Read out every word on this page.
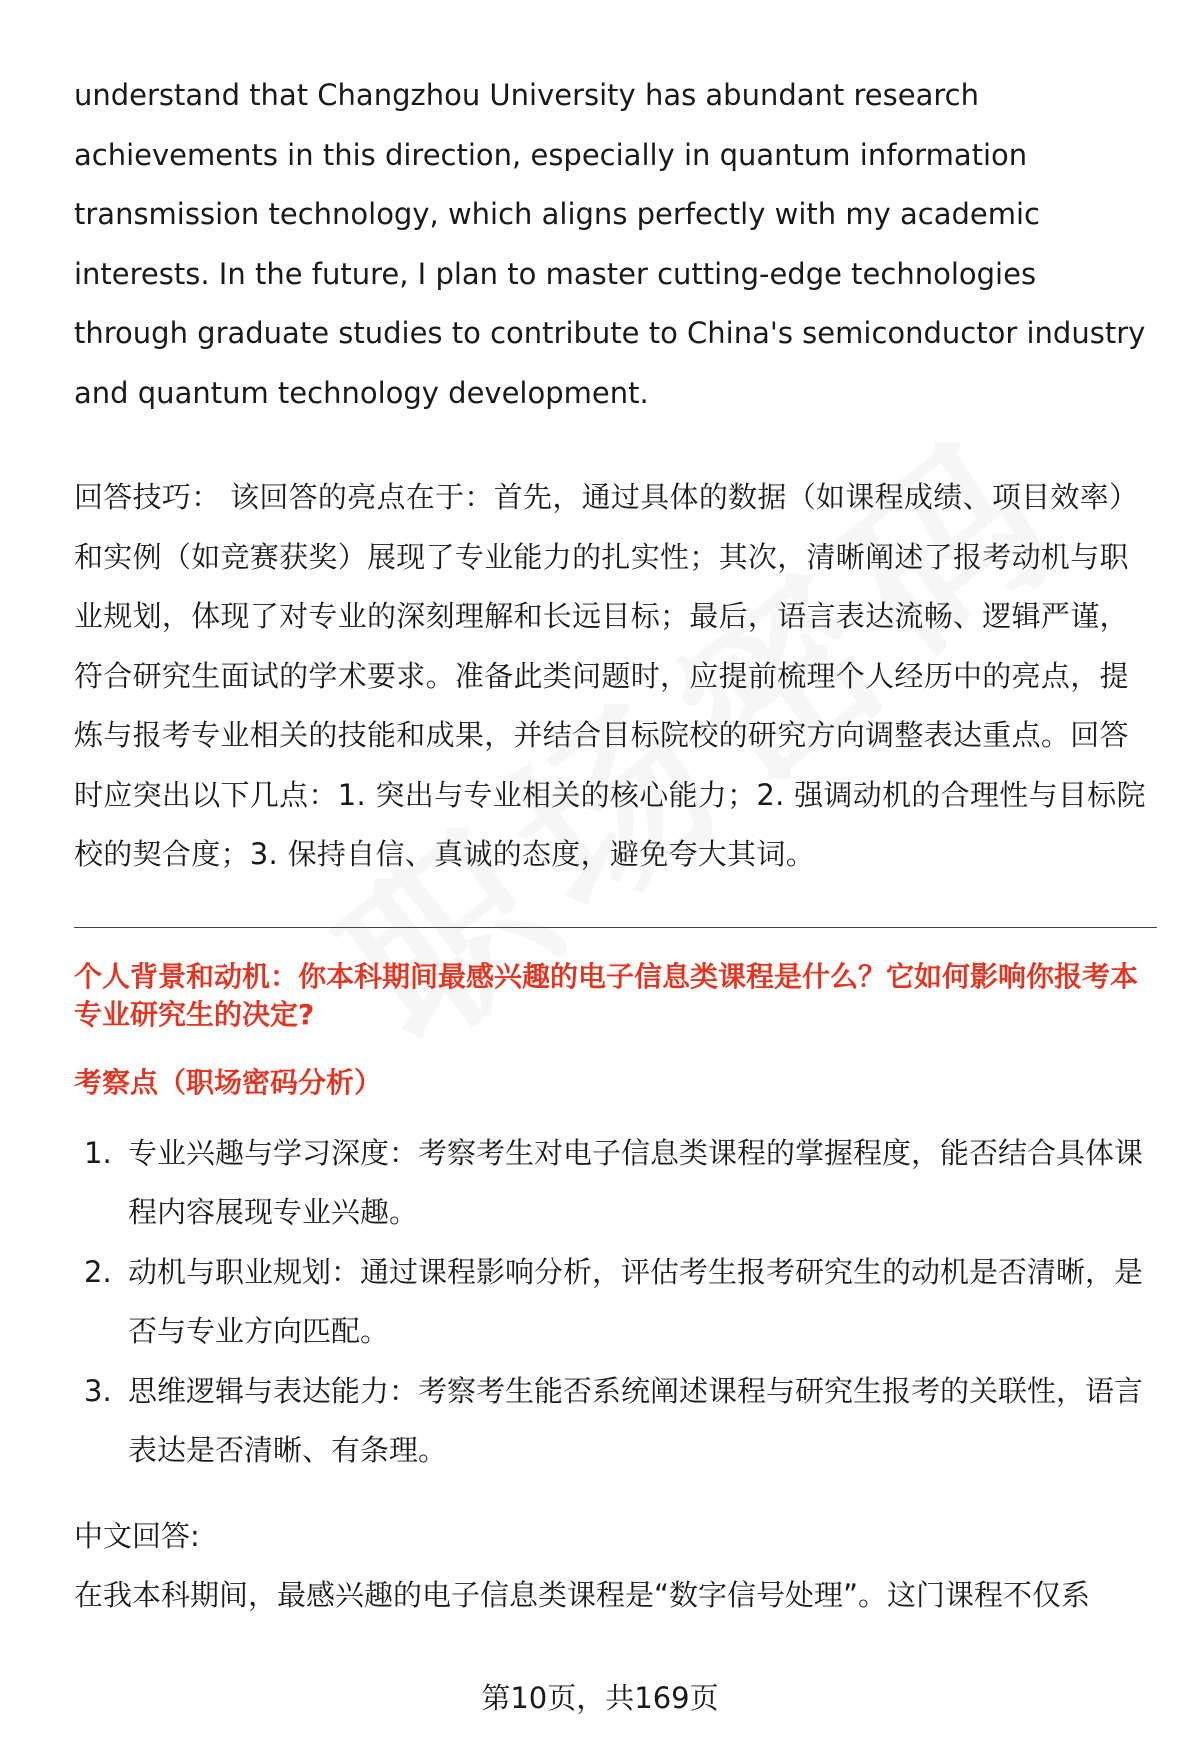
understand that Changzhou University has abundant research achievements in this direction, especially in quantum information transmission technology, which aligns perfectly with my academic interests. In the future, I plan to master cutting-edge technologies through graduate studies to contribute to China's semiconductor industry and quantum technology development.

回答技巧： 该回答的亮点在于：首先，通过具体的数据（如课程成绩、项目效率）和实例（如竞赛获奖）展现了专业能力的扎实性；其次，清晰阐述了报考动机与职业规划，体现了对专业的深刻理解和长远目标；最后，语言表达流畅、逻辑严谨，符合研究生面试的学术要求。准备此类问题时，应提前梳理个人经历中的亮点，提炼与报考专业相关的技能和成果，并结合目标院校的研究方向调整表达重点。回答时应突出以下几点：1. 突出与专业相关的核心能力；2. 强调动机的合理性与目标院校的契合度；3. 保持自信、真诚的态度，避免夸大其词。

个人背景和动机：你本科期间最感兴趣的电子信息类课程是什么？它如何影响你报考本专业研究生的决定?

考察点（职场密码分析）

1. 专业兴趣与学习深度：考察考生对电子信息类课程的掌握程度，能否结合具体课程内容展现专业兴趣。
2. 动机与职业规划：通过课程影响分析，评估考生报考研究生的动机是否清晰，是否与专业方向匹配。
3. 思维逻辑与表达能力：考察考生能否系统阐述课程与研究生报考的关联性，语言表达是否清晰、有条理。

中文回答:

在我本科期间，最感兴趣的电子信息类课程是“数字信号处理”。这门课程不仅系

第10页，共169页
